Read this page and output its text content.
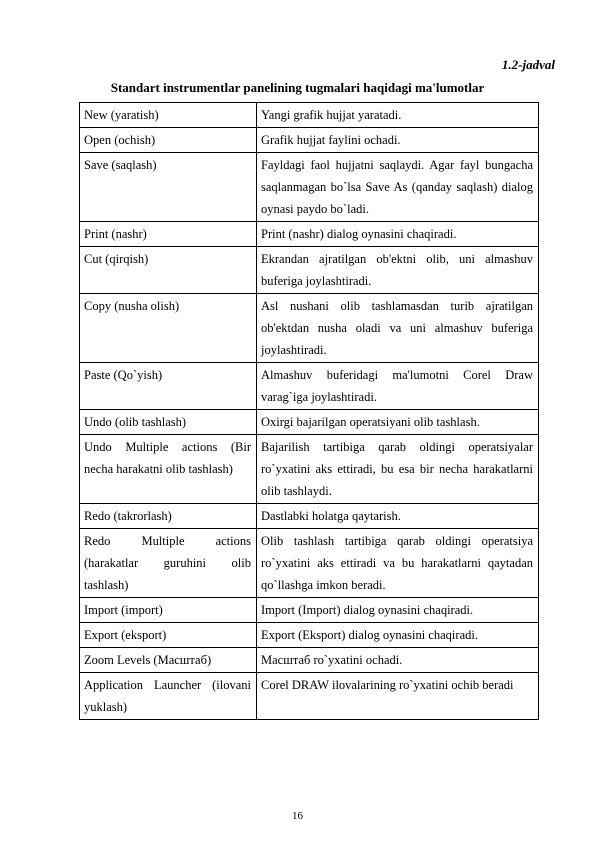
1.2-jadval
Standart instrumentlar panelining tugmalari haqidagi ma'lumotlar
New (yaratish)	Yangi grafik hujjat yaratadi.
Open (ochish)	Grafik hujjat faylini ochadi.
Save (saqlash)	Fayldagi faol hujjatni saqlaydi. Agar fayl bungacha saqlanmagan bo`lsa Save As (qanday saqlash) dialog oynasi paydo bo`ladi.
Print (nashr)	Print (nashr) dialog oynasini chaqiradi.
Cut (qirqish)	Ekrandan ajratilgan ob'ektni olib, uni almashuv buferiga joylashtiradi.
Copy (nusha olish)	Asl nushani olib tashlamasdan turib ajratilgan ob'ektdan nusha oladi va uni almashuv buferiga joylashtiradi.
Paste (Qo`yish)	Almashuv buferidagi ma'lumotni Corel Draw varag`iga joylashtiradi.
Undo (olib tashlash)	Oxirgi bajarilgan operatsiyani olib tashlash.
Undo Multiple actions (Bir necha harakatni olib tashlash)	Bajarilish tartibiga qarab oldingi operatsiyalar ro`yxatini aks ettiradi, bu esa bir necha harakatlarni olib tashlaydi.
Redo (takrorlash)	Dastlabki holatga qaytarish.
Redo Multiple actions (harakatlar guruhini olib tashlash)	Olib tashlash tartibiga qarab oldingi operatsiya ro`yxatini aks ettiradi va bu harakatlarni qaytadan qo`llashga imkon beradi.
Import (import)	Import (Import) dialog oynasini chaqiradi.
Export (eksport)	Export (Eksport) dialog oynasini chaqiradi.
Zoom Levels (Масштаб)	Масштаб ro`yxatini ochadi.
Application Launcher (ilovani yuklash)	Corel DRAW ilovalarining ro`yxatini ochib beradi
16
